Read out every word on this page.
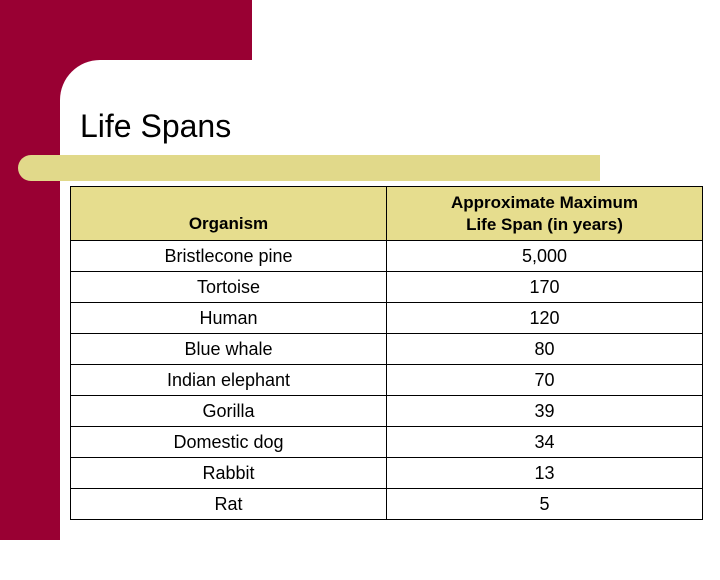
Life Spans
Organism	Approximate Maximum
Life Span (in years)
Bristlecone pine	5,000
Tortoise	170
Human	120
Blue whale	80
Indian elephant	70
Gorilla	39
Domestic dog	34
Rabbit	13
Rat	5
